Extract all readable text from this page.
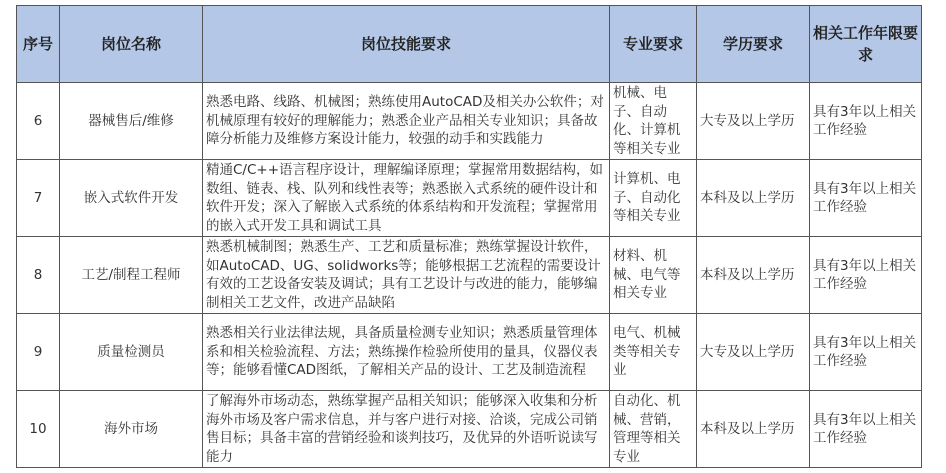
序号	岗位名称	岗位技能要求	专业要求	学历要求	相关工作年限要求
6	器械售后/维修	熟悉电路、线路、机械图；熟练使用AutoCAD及相关办公软件；对机械原理有较好的理解能力；熟悉企业产品相关专业知识；具备故障分析能力及维修方案设计能力，较强的动手和实践能力	机械、电子、自动化、计算机等相关专业	大专及以上学历	具有3年以上相关工作经验
7	嵌入式软件开发	精通C/C++语言程序设计，理解编译原理；掌握常用数据结构，如数组、链表、栈、队列和线性表等；熟悉嵌入式系统的硬件设计和软件开发；深入了解嵌入式系统的体系结构和开发流程；掌握常用的嵌入式开发工具和调试工具	计算机、电子、自动化等相关专业	本科及以上学历	具有3年以上相关工作经验
8	工艺/制程工程师	熟悉机械制图；熟悉生产、工艺和质量标准；熟练掌握设计软件，如AutoCAD、UG、solidworks等；能够根据工艺流程的需要设计有效的工艺设备安装及调试；具有工艺设计与改进的能力，能够编制相关工艺文件，改进产品缺陷	材料、机械、电气等相关专业	本科及以上学历	具有3年以上相关工作经验
9	质量检测员	熟悉相关行业法律法规，具备质量检测专业知识；熟悉质量管理体系和相关检验流程、方法；熟练操作检验所使用的量具，仪器仪表等；能够看懂CAD图纸，了解相关产品的设计、工艺及制造流程	电气、机械类等相关专业	大专及以上学历	具有3年以上相关工作经验
10	海外市场	了解海外市场动态，熟练掌握产品相关知识；能够深入收集和分析海外市场及客户需求信息，并与客户进行对接、洽谈，完成公司销售目标；具备丰富的营销经验和谈判技巧，及优异的外语听说读写能力	自动化、机械、营销，管理等相关专业	本科及以上学历	具有3年以上相关工作经验
